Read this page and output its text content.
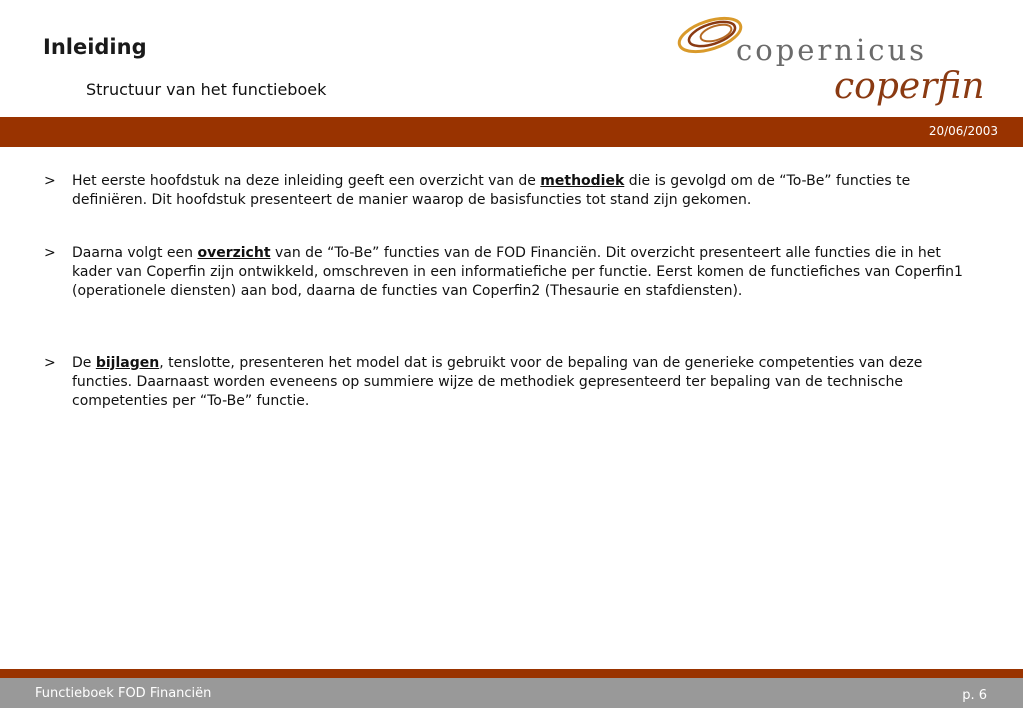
Inleiding
Structuur van het functieboek
copernicus
coperfin
20/06/2003
> Het eerste hoofdstuk na deze inleiding geeft een overzicht van de methodiek die is gevolgd om de “To-Be” functies te definiëren. Dit hoofdstuk presenteert de manier waarop de basisfuncties tot stand zijn gekomen.
> Daarna volgt een overzicht van de “To-Be” functies van de FOD Financiën. Dit overzicht presenteert alle functies die in het kader van Coperfin zijn ontwikkeld, omschreven in een informatiefiche per functie. Eerst komen de functiefiches van Coperfin1 (operationele diensten) aan bod, daarna de functies van Coperfin2 (Thesaurie en stafdiensten).
> De bijlagen, tenslotte, presenteren het model dat is gebruikt voor de bepaling van de generieke competenties van deze functies. Daarnaast worden eveneens op summiere wijze de methodiek gepresenteerd ter bepaling van de technische competenties per “To-Be” functie.
Functieboek FOD Financiën	p. 6
